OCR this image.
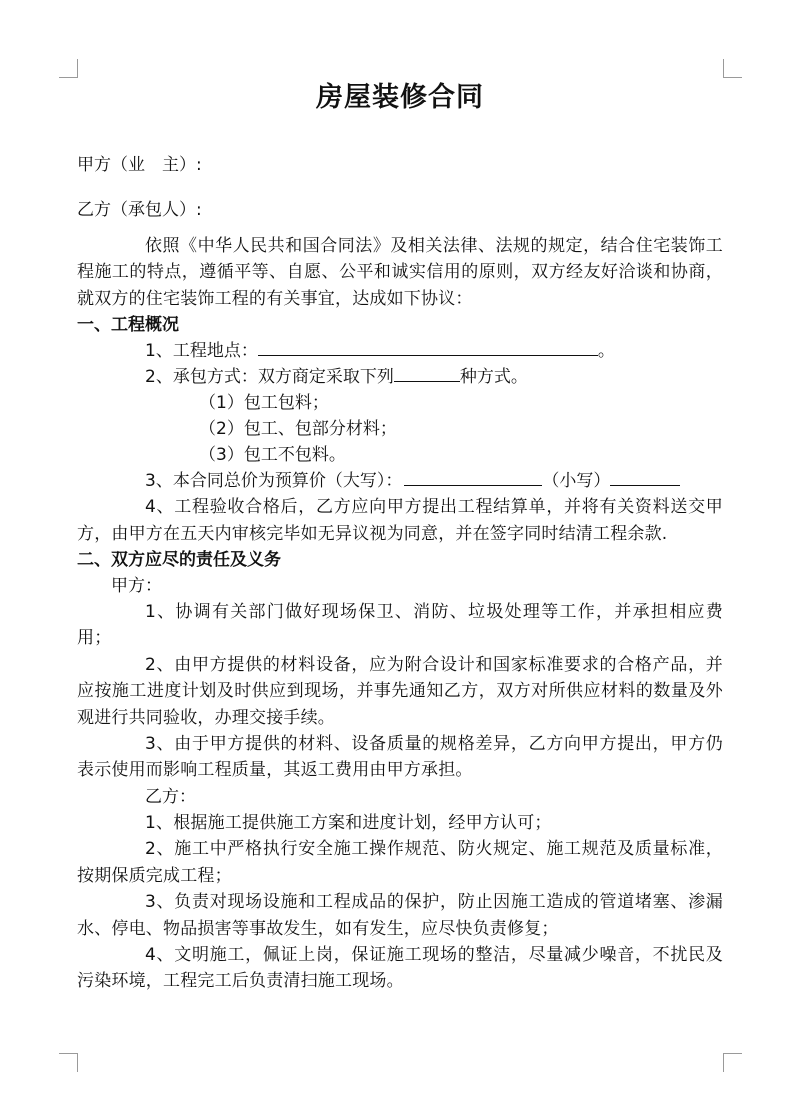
房屋装修合同
甲方（业　主）:
乙方（承包人）:
依照《中华人民共和国合同法》及相关法律、法规的规定，结合住宅装饰工程施工的特点，遵循平等、自愿、公平和诚实信用的原则，双方经友好洽谈和协商，就双方的住宅装饰工程的有关事宜，达成如下协议：
一、工程概况
1、工程地点：	。
2、承包方式：双方商定采取下列	种方式。
（1）包工包料；
（2）包工、包部分材料；
（3）包工不包料。
3、本合同总价为预算价（大写）：	（小写）
4、工程验收合格后，乙方应向甲方提出工程结算单，并将有关资料送交甲方，由甲方在五天内审核完毕如无异议视为同意，并在签字同时结清工程余款.
二、双方应尽的责任及义务
甲方：
1、协调有关部门做好现场保卫、消防、垃圾处理等工作，并承担相应费用；
2、由甲方提供的材料设备，应为附合设计和国家标准要求的合格产品，并应按施工进度计划及时供应到现场，并事先通知乙方，双方对所供应材料的数量及外观进行共同验收，办理交接手续。
3、由于甲方提供的材料、设备质量的规格差异，乙方向甲方提出，甲方仍表示使用而影响工程质量，其返工费用由甲方承担。
乙方：
1、根据施工提供施工方案和进度计划，经甲方认可；
2、施工中严格执行安全施工操作规范、防火规定、施工规范及质量标准，按期保质完成工程；
3、负责对现场设施和工程成品的保护，防止因施工造成的管道堵塞、渗漏水、停电、物品损害等事故发生，如有发生，应尽快负责修复；
4、文明施工，佩证上岗，保证施工现场的整洁，尽量减少噪音，不扰民及污染环境，工程完工后负责清扫施工现场。
